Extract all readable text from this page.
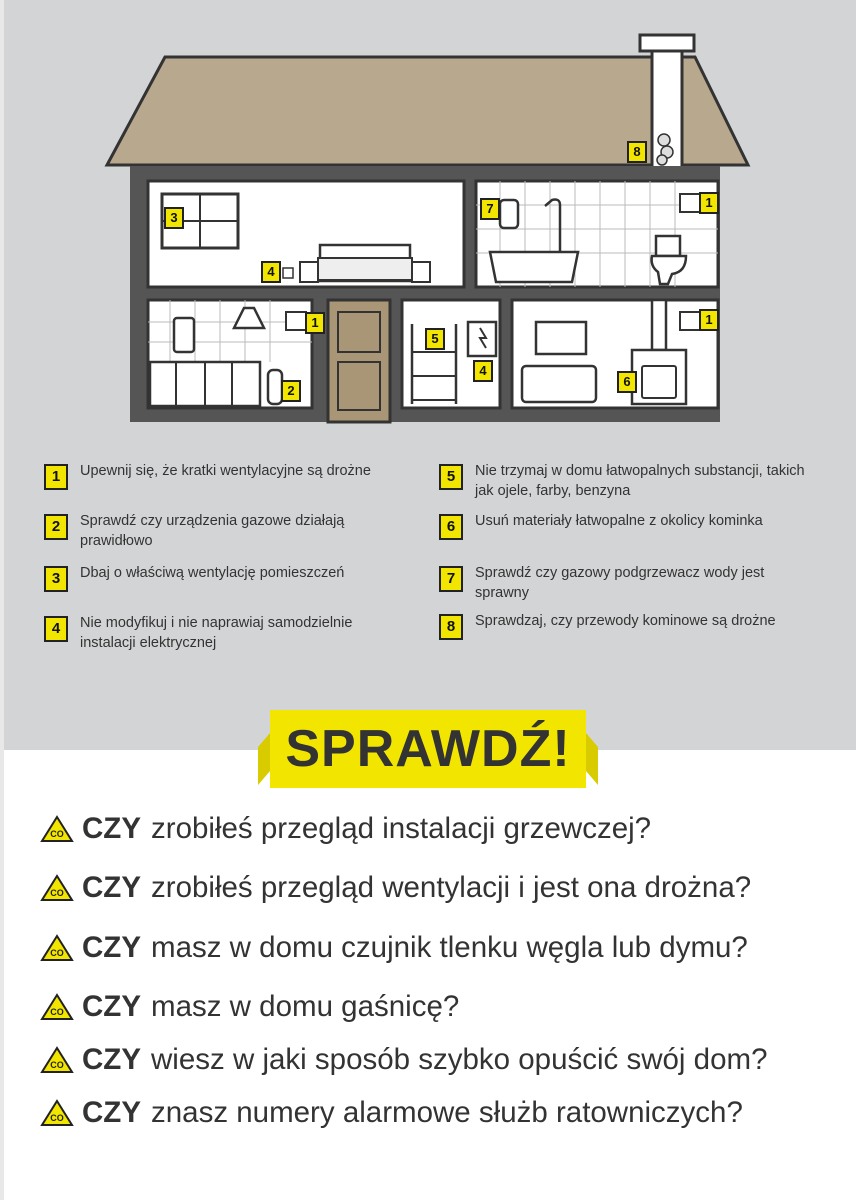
8
3
4
7	1
1	1
5
4
2
6
1	Upewnij się, że kratki wentylacyjne są drożne
2	Sprawdź czy urządzenia gazowe działają prawidłowo
3	Dbaj o właściwą wentylację pomieszczeń
4	Nie modyfikuj i nie naprawiaj samodzielnie instalacji elektrycznej
5	Nie trzymaj w domu łatwopalnych substancji, takich jak ojele, farby, benzyna
6	Usuń materiały łatwopalne z okolicy kominka
7	Sprawdź czy gazowy podgrzewacz wody jest sprawny
8	Sprawdzaj, czy przewody kominowe są drożne
SPRAWDŹ!
CO CZY zrobiłeś przegląd instalacji grzewczej?
CO CZY zrobiłeś przegląd wentylacji i jest ona drożna?
CO CZY masz w domu czujnik tlenku węgla lub dymu?
CO CZY masz w domu gaśnicę?
CO CZY wiesz w jaki sposób szybko opuścić swój dom?
CO CZY znasz numery alarmowe służb ratowniczych?
